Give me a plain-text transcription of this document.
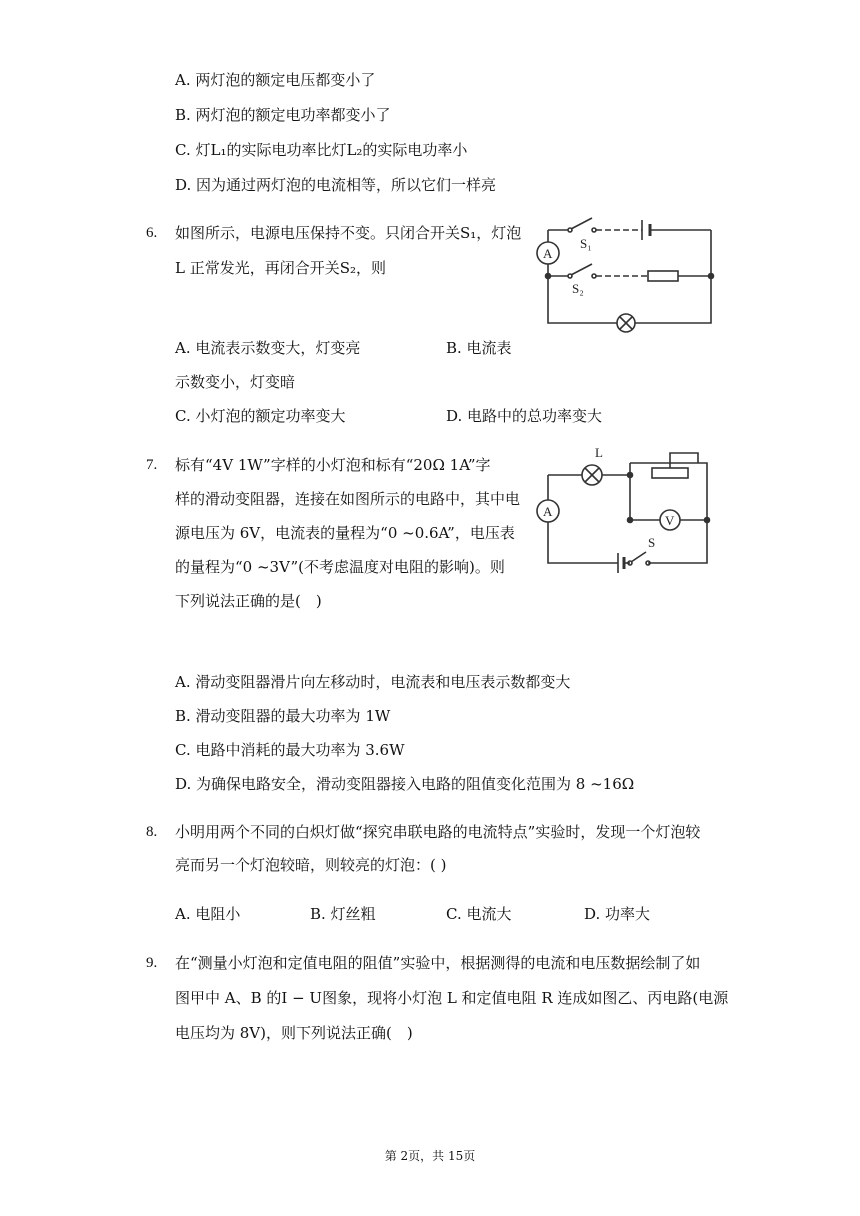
A. 两灯泡的额定电压都变小了
B. 两灯泡的额定电功率都变小了
C. 灯L₁的实际电功率比灯L₂的实际电功率小
D. 因为通过两灯泡的电流相等，所以它们一样亮
6. 如图所示，电源电压保持不变。只闭合开关S₁，灯泡
L 正常发光，再闭合开关S₂，则
A
S₁
S₂
A. 电流表示数变大，灯变亮	B. 电流表
示数变小，灯变暗
C. 小灯泡的额定功率变大	D. 电路中的总功率变大
7. 标有“4V 1W”字样的小灯泡和标有“20Ω 1A”字
样的滑动变阻器，连接在如图所示的电路中，其中电
源电压为 6V，电流表的量程为“0 ~0.6A”，电压表
的量程为“0 ~3V”(不考虑温度对电阻的影响)。则
下列说法正确的是(　)
L
V
A
S
A. 滑动变阻器滑片向左移动时，电流表和电压表示数都变大
B. 滑动变阻器的最大功率为 1W
C. 电路中消耗的最大功率为 3.6W
D. 为确保电路安全，滑动变阻器接入电路的阻值变化范围为 8 ~16Ω
8. 小明用两个不同的白炽灯做“探究串联电路的电流特点”实验时，发现一个灯泡较
亮而另一个灯泡较暗，则较亮的灯泡：( )
A. 电阻小	B. 灯丝粗	C. 电流大	D. 功率大
9. 在“测量小灯泡和定值电阻的阻值”实验中，根据测得的电流和电压数据绘制了如
图甲中 A、B 的I − U图象，现将小灯泡 L 和定值电阻 R 连成如图乙、丙电路(电源
电压均为 8V)，则下列说法正确(　)
第 2页，共 15页
